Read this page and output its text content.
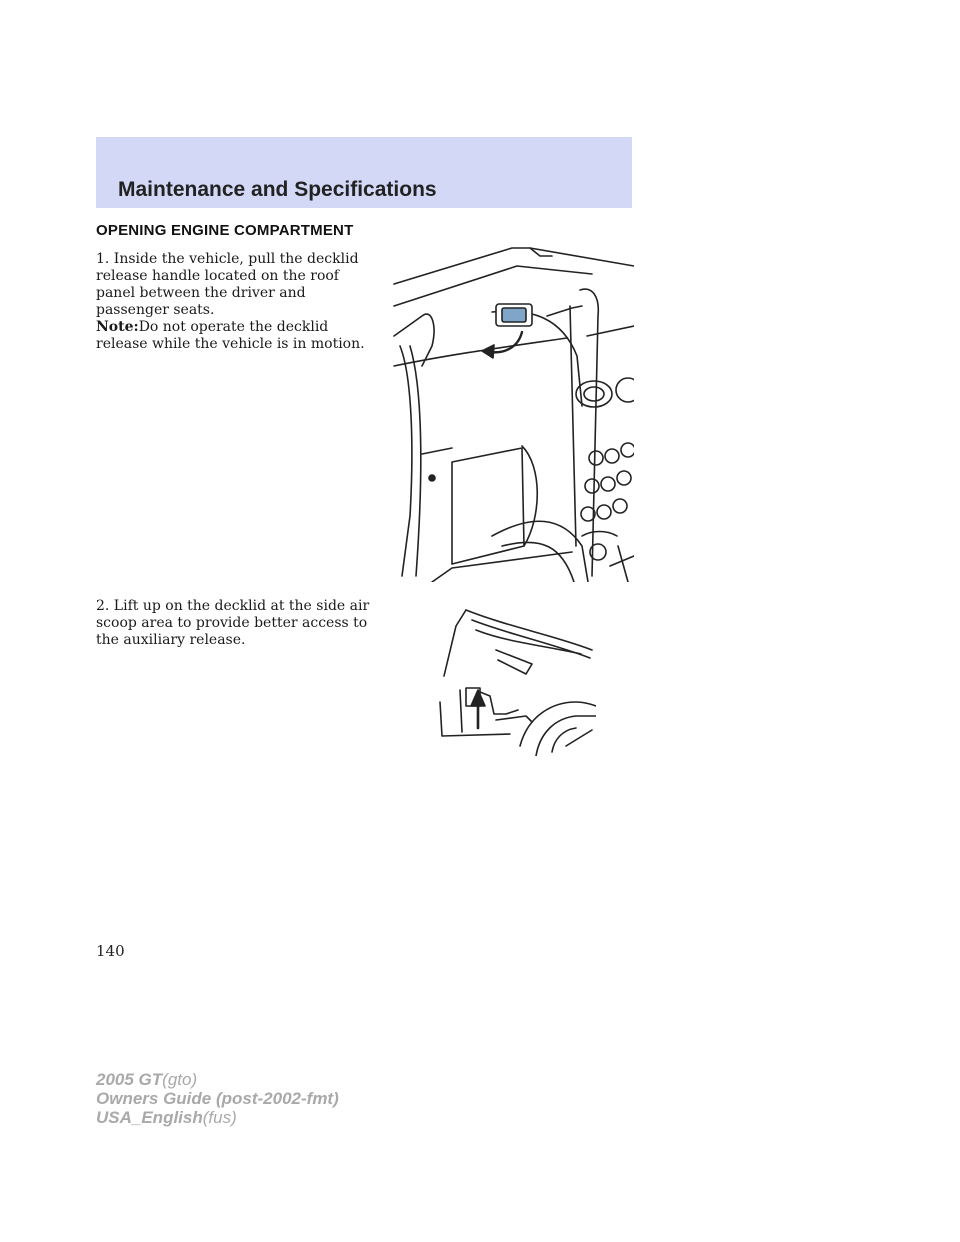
Maintenance and Specifications
OPENING ENGINE COMPARTMENT
1. Inside the vehicle, pull the decklid release handle located on the roof panel between the driver and passenger seats.
Note:Do not operate the decklid release while the vehicle is in motion.
2. Lift up on the decklid at the side air scoop area to provide better access to the auxiliary release.
140
2005 GT(gto)
Owners Guide (post-2002-fmt)
USA_English(fus)
